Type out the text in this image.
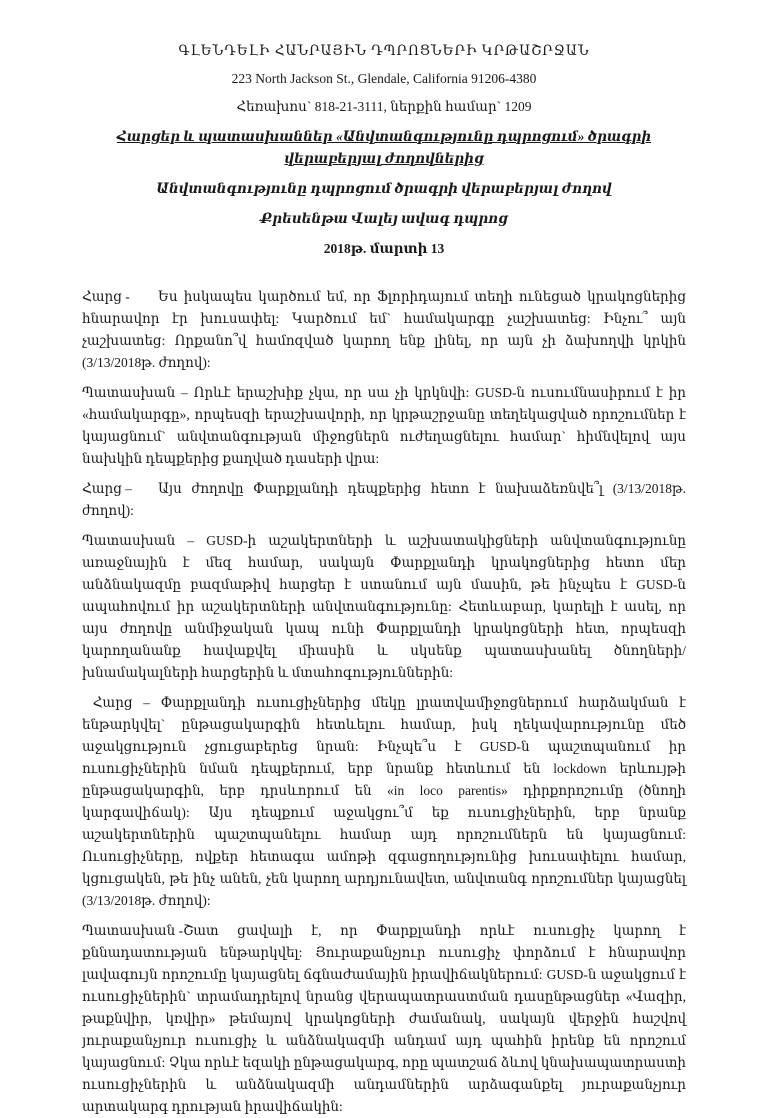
ԳԼԵՆԴԵԼԻ ՀԱՆՐԱՅԻՆ ԴՊՐՈՑՆԵՐԻ ԿՐԹԱՇՐՋԱՆ

223 North Jackson St., Glendale, California 91206-4380

Հեռախոս` 818-21-3111, ներքին համար` 1209

Հարցեր և պատասխաններ «Անվտանգությունը դպրոցում» ծրագրի վերաբերյալ ժողովներից

Անվտանգությունը դպրոցում ծրագրի վերաբերյալ ժողով

Քրեսենթա Վալեյ ավագ դպրոց

2018թ. մարտի 13

Հարց - Ես իսկապես կարծում եմ, որ Ֆլորիդայում տեղի ունեցած կրակոցներից հնարավոր էր խուսափել: Կարծում եմ` համակարգը չաշխատեց: Ինչու՞ այն չաշխատեց: Որքանո՞վ համոզված կարող ենք լինել, որ այն չի ձախողվի կրկին (3/13/2018թ. ժողով):

Պատասխան – Որևէ երաշխիք չկա, որ սա չի կրկնվի: GUSD-ն ուսումնասիրում է իր «համակարգը», որպեսզի երաշխավորի, որ կրթաշրջանը տեղեկացված որոշումներ է կայացնում` անվտանգության միջոցներն ուժեղացնելու համար` հիմնվելով այս նախկին դեպքերից քաղված դասերի վրա:

Հարց – Այս ժողովը Փարքլանդի դեպքերից հետո է նախաձեռնվե՞լ (3/13/2018թ. ժողով):

Պատասխան – GUSD-ի աշակերտների և աշխատակիցների անվտանգությունը առաջնային է մեզ համար, սակայն Փարքլանդի կրակոցներից հետո մեր անձնակազմը բազմաթիվ հարցեր է ստանում այն մասին, թե ինչպես է GUSD-ն ապահովում իր աշակերտների անվտանգությունը: Հետևաբար, կարելի է ասել, որ այս ժողովը անմիջական կապ ունի Փարքլանդի կրակոցների հետ, որպեսզի կարողանանք հավաքվել միասին և սկսենք պատասխանել ծնողների/խնամակալների հարցերին և մտահոգություններին:

Հարց – Փարքլանդի ուսուցիչներից մեկը լրատվամիջոցներում հարձակման է ենթարկվել` ընթացակարգին հետևելու համար, իսկ ղեկավարությունը մեծ աջակցություն չցուցաբերեց նրան: Ինչպե՞ս է GUSD-ն պաշտպանում իր ուսուցիչներին նման դեպքերում, երբ նրանք հետևում են lockdown երևույթի ընթացակարգին, երբ դրսևորում են «in loco parentis» դիրքորոշումը (ծնողի կարգավիճակ): Այս դեպքում աջակցու՞մ եք ուսուցիչներին, երբ նրանք աշակերտներին պաշտպանելու համար այդ որոշումներն են կայացնում: Ուսուցիչները, ովքեր հետագա ամոթի զգացողությունից խուսափելու համար, կցուցակեն, թե ինչ անեն, չեն կարող արդյունավետ, անվտանգ որոշումներ կայացնել (3/13/2018թ. ժողով):

Պատասխան -Շատ ցավալի է, որ Փարքլանդի որևէ ուսուցիչ կարող է քննադատության ենթարկվել: Յուրաքանչյուր ուսուցիչ փորձում է հնարավոր լավագույն որոշումը կայացնել ճգնաժամային իրավիճակներում: GUSD-ն աջակցում է ուսուցիչներին` տրամադրելով նրանց վերապատրաստման դասընթացներ «Վազիր, թաքնվիր, կռվիր» թեմայով կրակոցների ժամանակ, սակայն վերջին հաշվով յուրաքանչյուր ուսուցիչ և անձնակազմի անդամ այդ պահին իրենք են որոշում կայացնում: Չկա որևէ եզակի ընթացակարգ, որը պատշաճ ձևով կնախապատրաստի ուսուցիչներին և անձնակազմի անդամներին արձագանքել յուրաքանչյուր արտակարգ դրության իրավիճակին:
